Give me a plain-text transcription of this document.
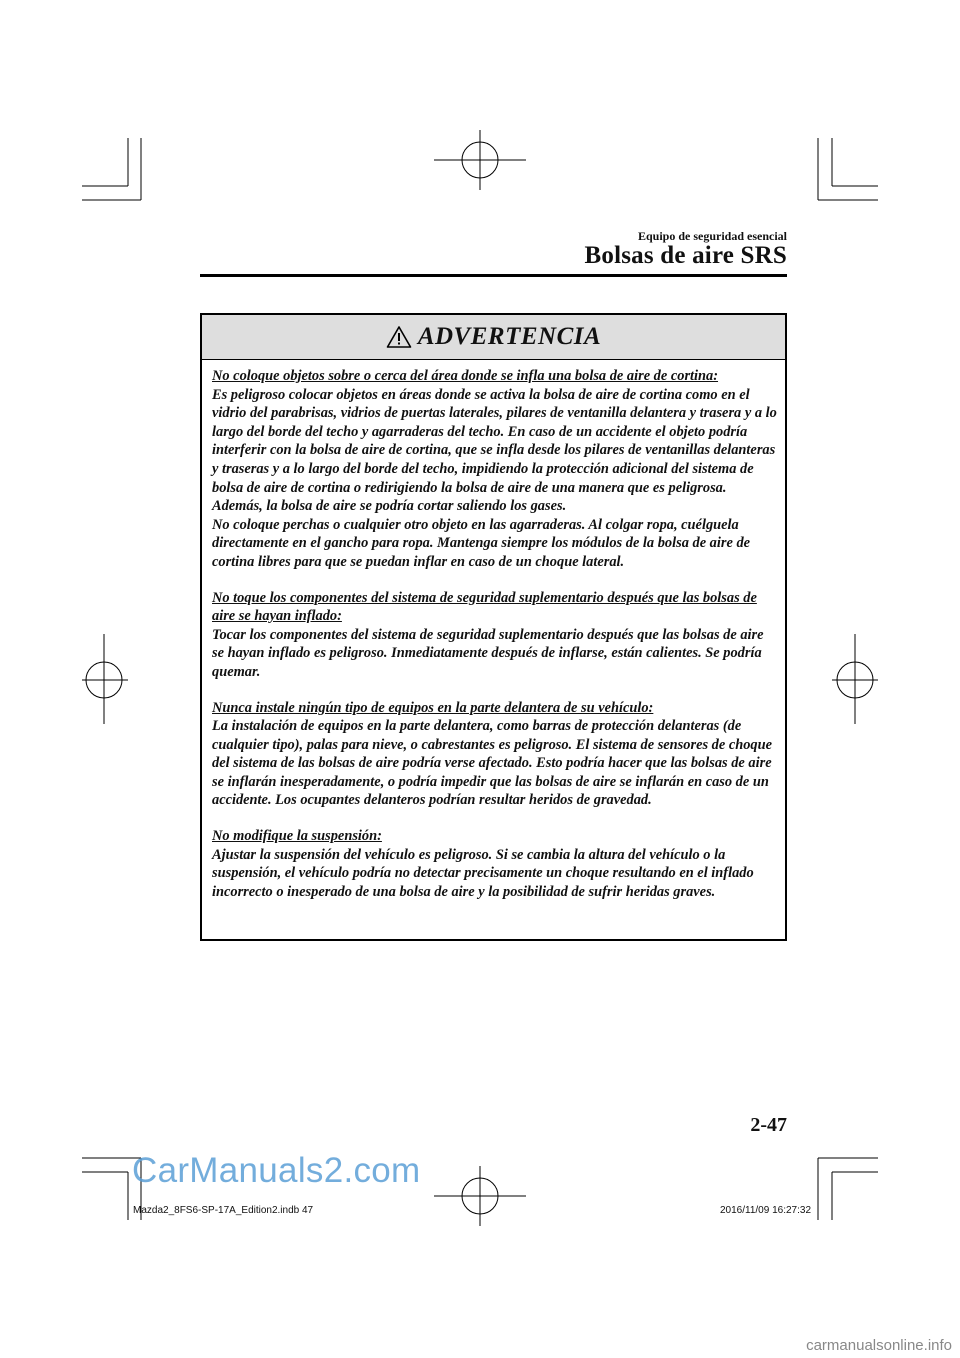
Equipo de seguridad esencial
Bolsas de aire SRS
ADVERTENCIA
No coloque objetos sobre o cerca del área donde se infla una bolsa de aire de cortina:
Es peligroso colocar objetos en áreas donde se activa la bolsa de aire de cortina como en el vidrio del parabrisas, vidrios de puertas laterales, pilares de ventanilla delantera y trasera y a lo largo del borde del techo y agarraderas del techo. En caso de un accidente el objeto podría interferir con la bolsa de aire de cortina, que se infla desde los pilares de ventanillas delanteras y traseras y a lo largo del borde del techo, impidiendo la protección adicional del sistema de bolsa de aire de cortina o redirigiendo la bolsa de aire de una manera que es peligrosa. Además, la bolsa de aire se podría cortar saliendo los gases.
No coloque perchas o cualquier otro objeto en las agarraderas. Al colgar ropa, cuélguela directamente en el gancho para ropa. Mantenga siempre los módulos de la bolsa de aire de cortina libres para que se puedan inflar en caso de un choque lateral.
No toque los componentes del sistema de seguridad suplementario después que las bolsas de aire se hayan inflado:
Tocar los componentes del sistema de seguridad suplementario después que las bolsas de aire se hayan inflado es peligroso. Inmediatamente después de inflarse, están calientes. Se podría quemar.
Nunca instale ningún tipo de equipos en la parte delantera de su vehículo:
La instalación de equipos en la parte delantera, como barras de protección delanteras (de cualquier tipo), palas para nieve, o cabrestantes es peligroso. El sistema de sensores de choque del sistema de las bolsas de aire podría verse afectado. Esto podría hacer que las bolsas de aire se inflarán inesperadamente, o podría impedir que las bolsas de aire se inflarán en caso de un accidente. Los ocupantes delanteros podrían resultar heridos de gravedad.
No modifique la suspensión:
Ajustar la suspensión del vehículo es peligroso. Si se cambia la altura del vehículo o la suspensión, el vehículo podría no detectar precisamente un choque resultando en el inflado incorrecto o inesperado de una bolsa de aire y la posibilidad de sufrir heridas graves.
2-47
CarManuals2.com
Mazda2_8FS6-SP-17A_Edition2.indb 47	2016/11/09 16:27:32
carmanualsonline.info
